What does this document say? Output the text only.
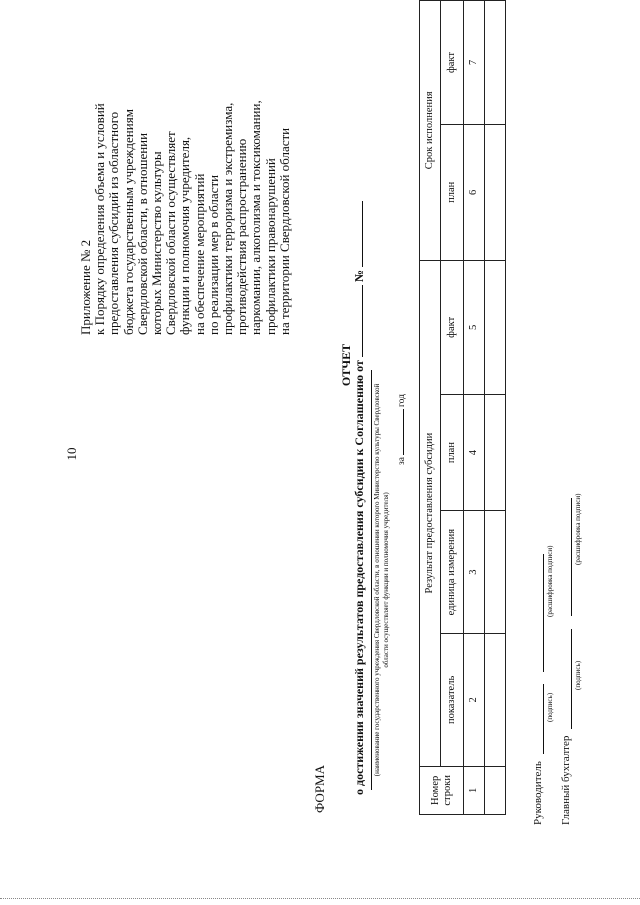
10
Приложение № 2 к Порядку определения объема и условий предоставления субсидий из областного бюджета государственным учреждениям Свердловской области, в отношении которых Министерство культуры Свердловской области осуществляет функции и полномочия учредителя, на обеспечение мероприятий по реализации мер в области профилактики терроризма и экстремизма, противодействия распространению наркомании, алкоголизма и токсикомании, профилактики правонарушений на территории Свердловской области
ФОРМА
ОТЧЕТ о достижении значений результатов предоставления субсидии к Соглашению от  №
(наименование государственного учреждения Свердловской области, в отношении которого Министерство культуры Свердловской области осуществляет функции и полномочия учредителя)
загод
Номер строки	Результат предоставления субсидии				Срок исполнения	
	показатель	единица измерения	план	факт	план	факт
1	2	3	4	5	6	7

Руководитель
(подпись)
(расшифровка подписи)
Главный бухгалтер
(подпись)
(расшифровка подписи)
